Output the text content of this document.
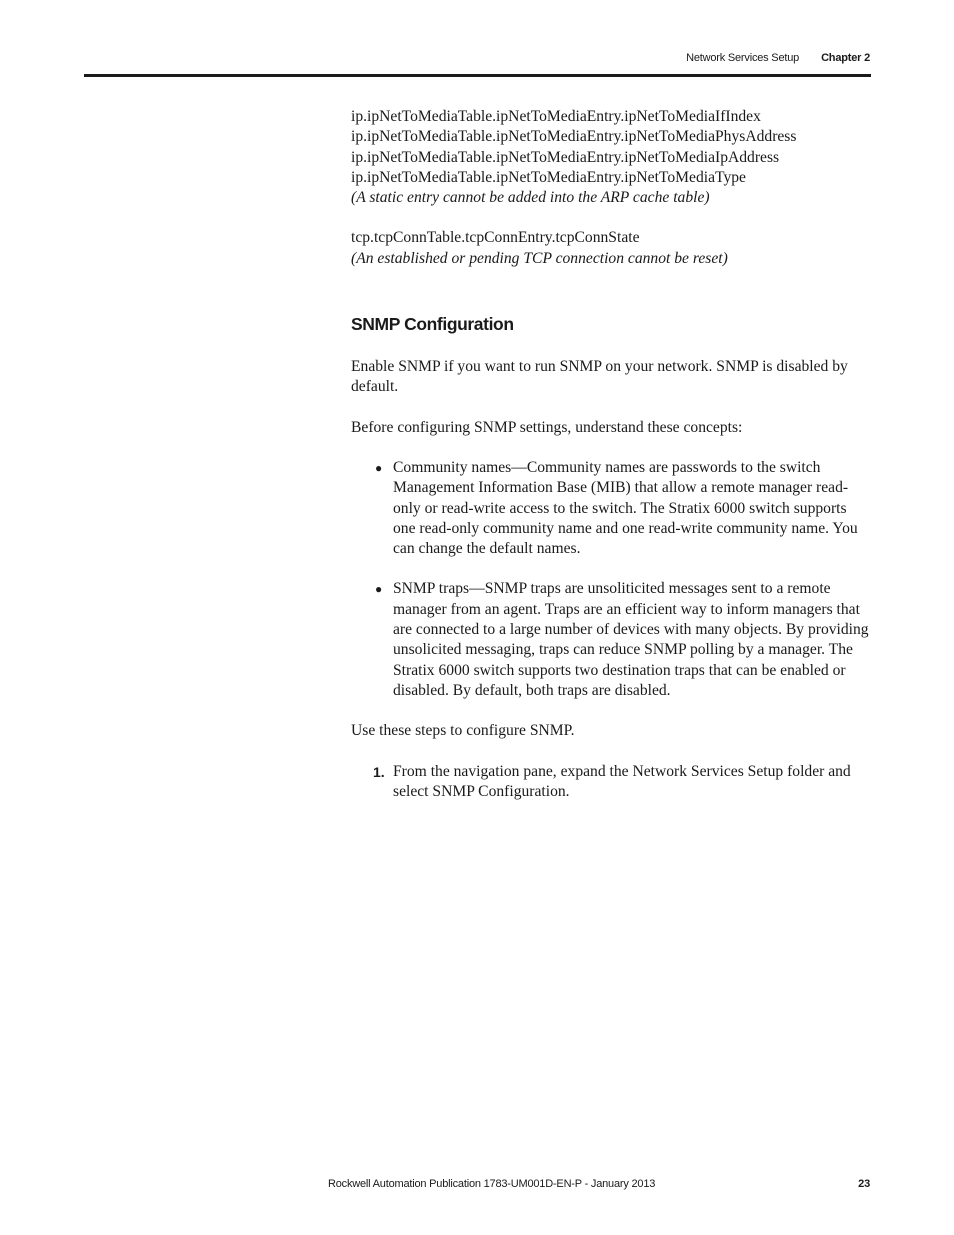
Network Services Setup Chapter 2

ip.ipNetToMediaTable.ipNetToMediaEntry.ipNetToMediaIfIndex

ip.ipNetToMediaTable.ipNetToMediaEntry.ipNetToMediaPhysAddress

ip.ipNetToMediaTable.ipNetToMediaEntry.ipNetToMediaIpAddress

ip.ipNetToMediaTable.ipNetToMediaEntry.ipNetToMediaType

(A static entry cannot be added into the ARP cache table)

tcp.tcpConnTable.tcpConnEntry.tcpConnState

(An established or pending TCP connection cannot be reset)

SNMP Configuration

Enable SNMP if you want to run SNMP on your network. SNMP is disabled by default.

Before configuring SNMP settings, understand these concepts:

● Community names—Community names are passwords to the switch Management Information Base (MIB) that allow a remote manager read-only or read-write access to the switch. The Stratix 6000 switch supports one read-only community name and one read-write community name. You can change the default names.
● SNMP traps—SNMP traps are unsoliticited messages sent to a remote manager from an agent. Traps are an efficient way to inform managers that are connected to a large number of devices with many objects. By providing unsolicited messaging, traps can reduce SNMP polling by a manager. The Stratix 6000 switch supports two destination traps that can be enabled or disabled. By default, both traps are disabled.

Use these steps to configure SNMP.

1. From the navigation pane, expand the Network Services Setup folder and select SNMP Configuration.
Rockwell Automation Publication 1783-UM001D-EN-P - January 2013	23
